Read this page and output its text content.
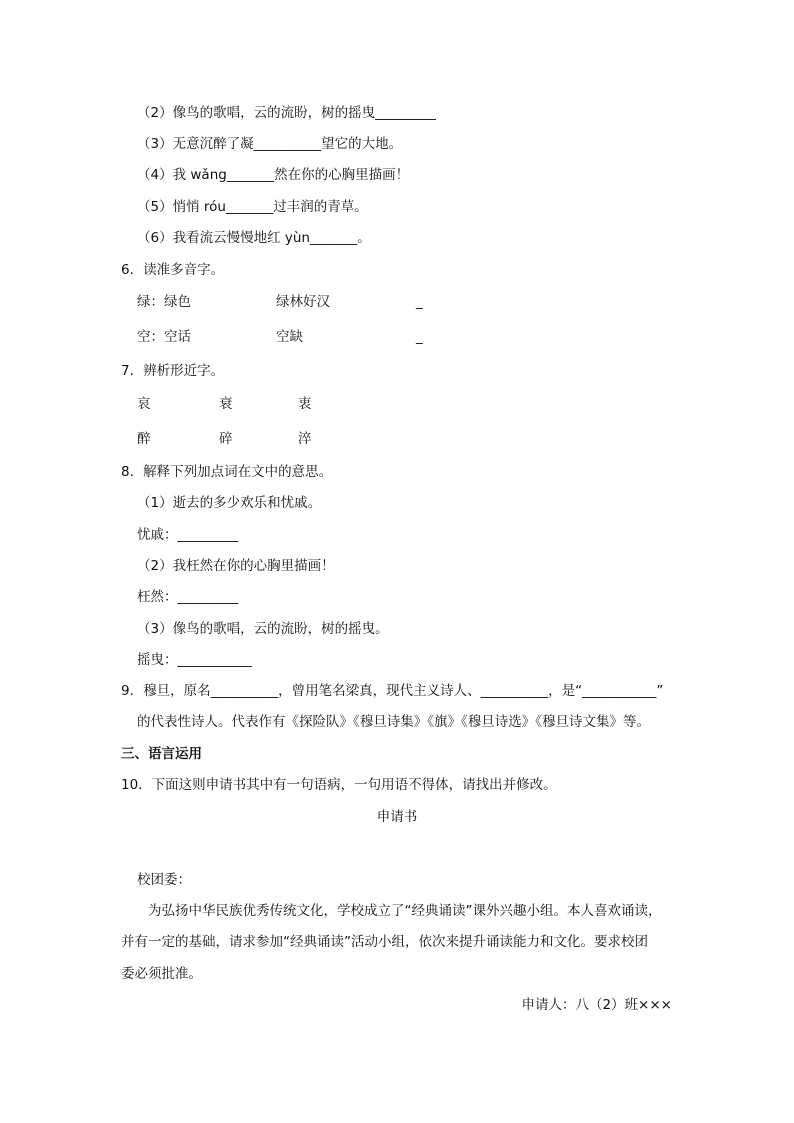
（2）像鸟的歌唱，云的流盼，树的摇曳_________
（3）无意沉醉了凝__________望它的大地。
（4）我 wǎng_______然在你的心胸里描画！
（5）悄悄 róu_______过丰润的青草。
（6）我看流云慢慢地红 yùn_______。
6．读准多音字。
绿：绿色	绿林好汉	_
空：空话	空缺	_
7．辨析形近字。
哀	衰	衷
醉	碎	淬
8．解释下列加点词在文中的意思。
（1）逝去的多少欢乐和忧戚。
忧戚：_________
（2）我枉然在你的心胸里描画！
枉然：_________
（3）像鸟的歌唱，云的流盼，树的摇曳。
摇曳：___________
9．穆旦，原名__________，曾用笔名梁真，现代主义诗人、__________，是“___________”
的代表性诗人。代表作有《探险队》《穆旦诗集》《旗》《穆旦诗选》《穆旦诗文集》等。
三、语言运用
10．下面这则申请书其中有一句语病，一句用语不得体，请找出并修改。
申请书
校团委：
为弘扬中华民族优秀传统文化，学校成立了“经典诵读”课外兴趣小组。本人喜欢诵读，
并有一定的基础，请求参加“经典诵读”活动小组，依次来提升诵读能力和文化。要求校团
委必须批准。
申请人：八（2）班×××
